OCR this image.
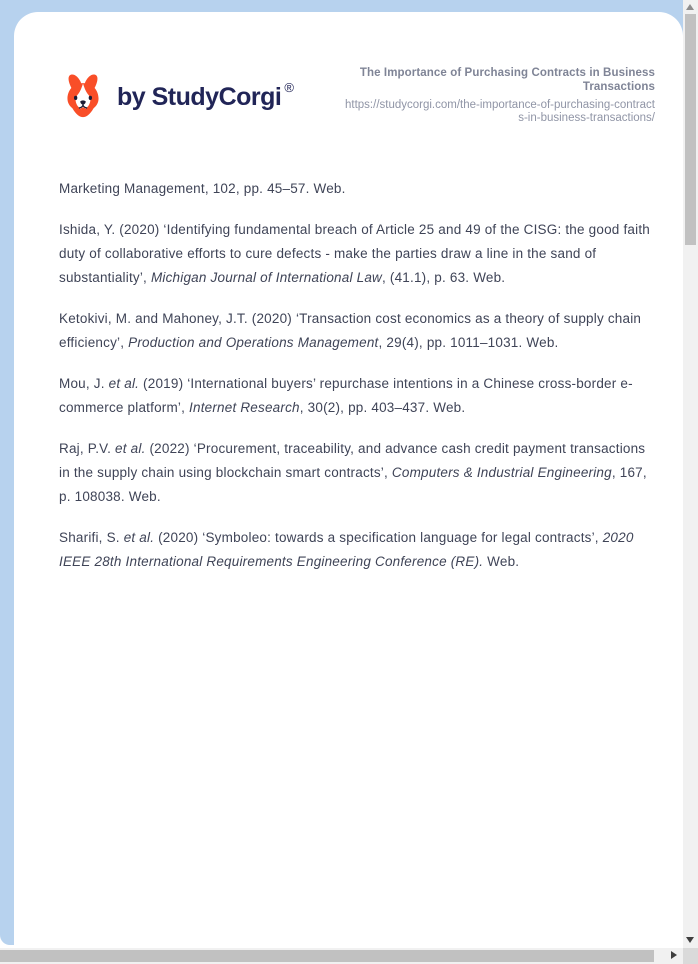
by StudyCorgi ®
The Importance of Purchasing Contracts in Business Transactions
https://studycorgi.com/the-importance-of-purchasing-contracts-in-business-transactions/

Marketing Management, 102, pp. 45–57. Web.

Ishida, Y. (2020) ‘Identifying fundamental breach of Article 25 and 49 of the CISG: the good faith duty of collaborative efforts to cure defects - make the parties draw a line in the sand of substantiality’, Michigan Journal of International Law, (41.1), p. 63. Web.

Ketokivi, M. and Mahoney, J.T. (2020) ‘Transaction cost economics as a theory of supply chain efficiency’, Production and Operations Management, 29(4), pp. 1011–1031. Web.

Mou, J. et al. (2019) ‘International buyers’ repurchase intentions in a Chinese cross-border e-commerce platform’, Internet Research, 30(2), pp. 403–437. Web.

Raj, P.V. et al. (2022) ‘Procurement, traceability, and advance cash credit payment transactions in the supply chain using blockchain smart contracts’, Computers & Industrial Engineering, 167, p. 108038. Web.

Sharifi, S. et al. (2020) ‘Symboleo: towards a specification language for legal contracts’, 2020 IEEE 28th International Requirements Engineering Conference (RE). Web.
